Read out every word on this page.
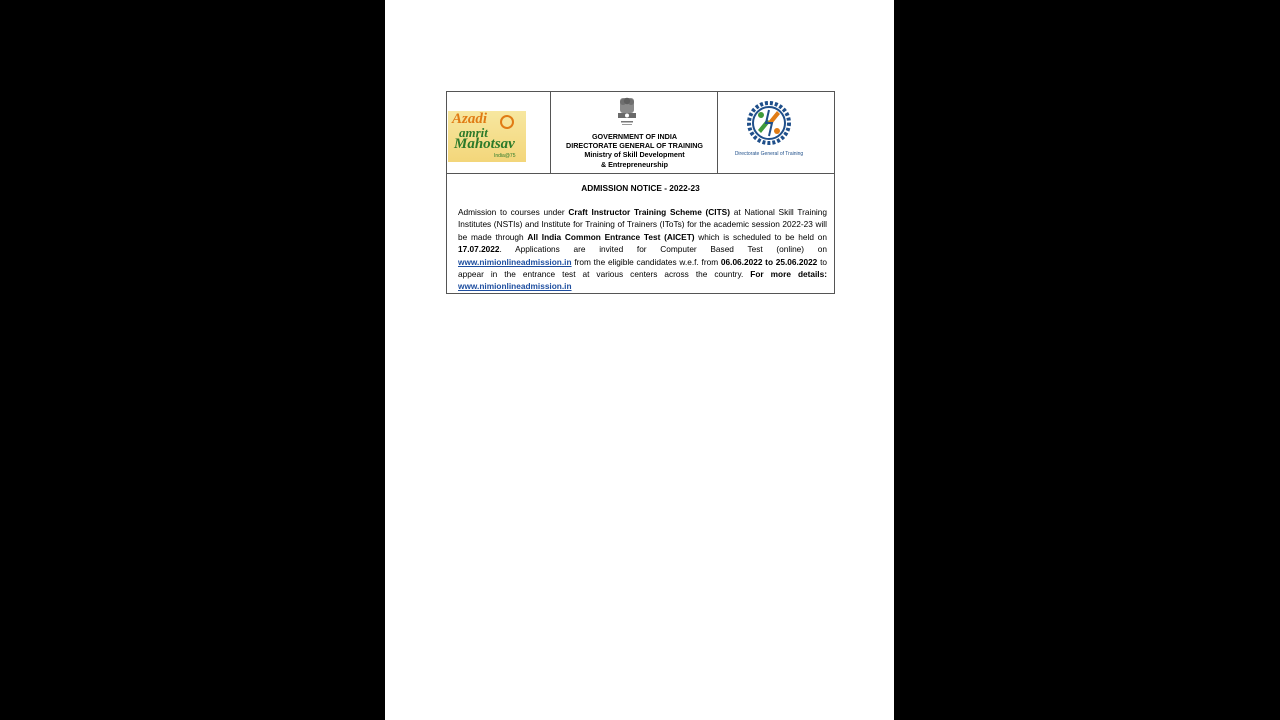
Azadi
amrit
Mahotsav
India@75
GOVERNMENT OF INDIA
DIRECTORATE GENERAL OF TRAINING
Ministry of Skill Development
& Entrepreneurship
Directorate General of Training
ADMISSION NOTICE - 2022-23
Admission to courses under Craft Instructor Training Scheme (CITS) at National Skill Training Institutes (NSTIs) and Institute for Training of Trainers (IToTs) for the academic session 2022-23 will be made through All India Common Entrance Test (AICET) which is scheduled to be held on 17.07.2022. Applications are invited for Computer Based Test (online) on www.nimionlineadmission.in from the eligible candidates w.e.f. from 06.06.2022 to 25.06.2022 to appear in the entrance test at various centers across the country. For more details: www.nimionlineadmission.in
